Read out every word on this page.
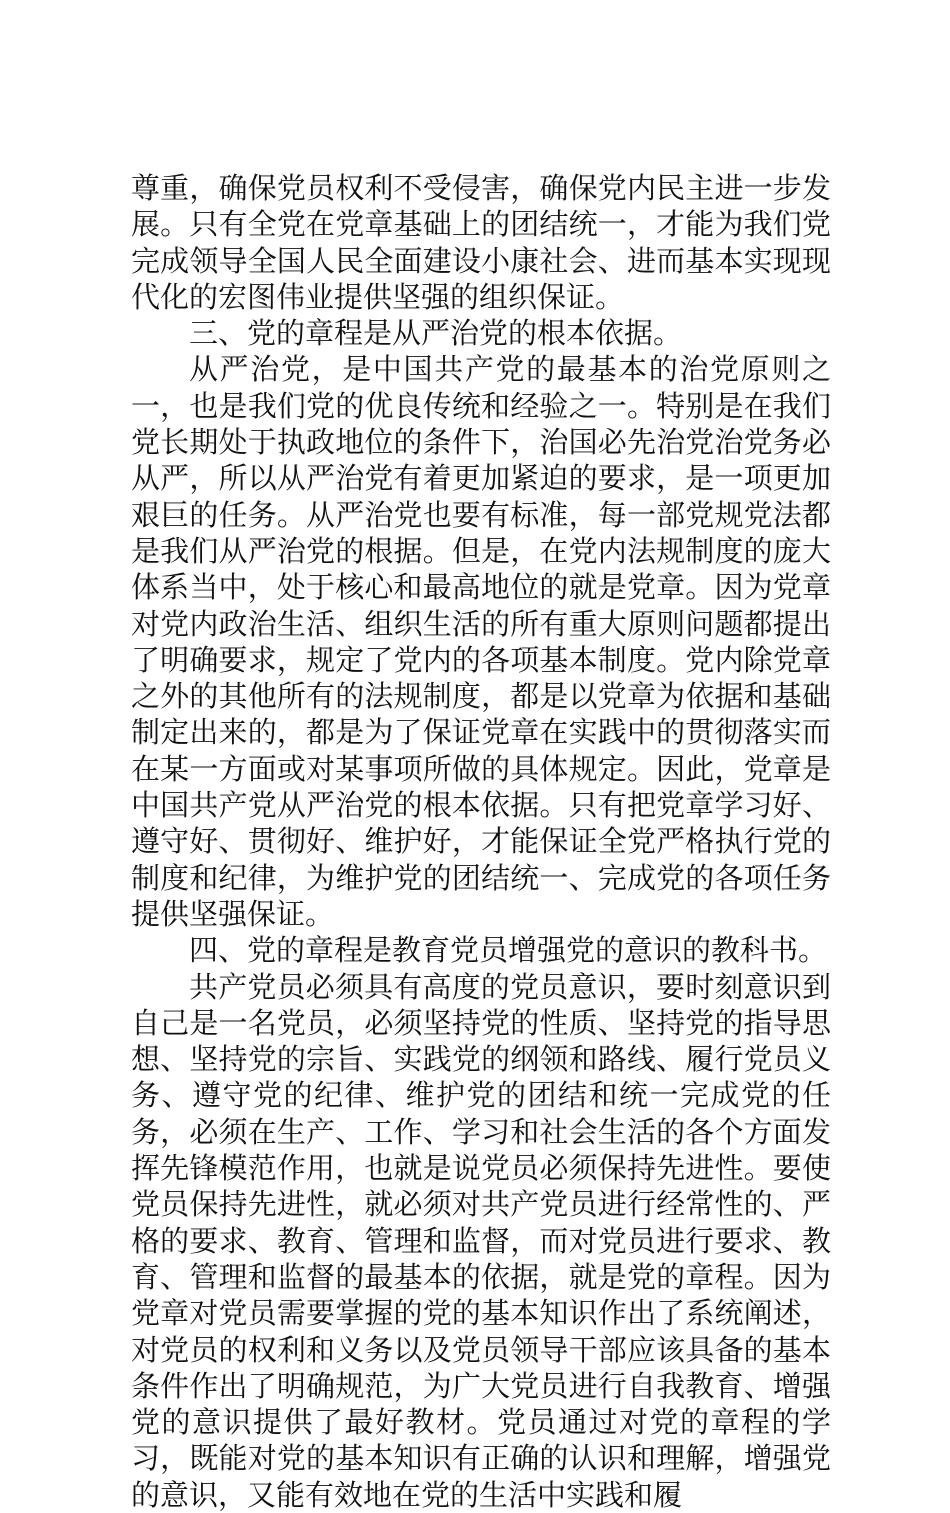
尊重，确保党员权利不受侵害，确保党内民主进一步发展。只有全党在党章基础上的团结统一，才能为我们党完成领导全国人民全面建设小康社会、进而基本实现现代化的宏图伟业提供坚强的组织保证。

三、党的章程是从严治党的根本依据。

从严治党，是中国共产党的最基本的治党原则之一，也是我们党的优良传统和经验之一。特别是在我们党长期处于执政地位的条件下，治国必先治党治党务必从严，所以从严治党有着更加紧迫的要求，是一项更加艰巨的任务。从严治党也要有标准，每一部党规党法都是我们从严治党的根据。但是，在党内法规制度的庞大体系当中，处于核心和最高地位的就是党章。因为党章对党内政治生活、组织生活的所有重大原则问题都提出了明确要求，规定了党内的各项基本制度。党内除党章之外的其他所有的法规制度，都是以党章为依据和基础制定出来的，都是为了保证党章在实践中的贯彻落实而在某一方面或对某事项所做的具体规定。因此，党章是中国共产党从严治党的根本依据。只有把党章学习好、遵守好、贯彻好、维护好，才能保证全党严格执行党的制度和纪律，为维护党的团结统一、完成党的各项任务提供坚强保证。

四、党的章程是教育党员增强党的意识的教科书。

共产党员必须具有高度的党员意识，要时刻意识到自己是一名党员，必须坚持党的性质、坚持党的指导思想、坚持党的宗旨、实践党的纲领和路线、履行党员义务、遵守党的纪律、维护党的团结和统一完成党的任务，必须在生产、工作、学习和社会生活的各个方面发挥先锋模范作用，也就是说党员必须保持先进性。要使党员保持先进性，就必须对共产党员进行经常性的、严格的要求、教育、管理和监督，而对党员进行要求、教育、管理和监督的最基本的依据，就是党的章程。因为党章对党员需要掌握的党的基本知识作出了系统阐述，对党员的权利和义务以及党员领导干部应该具备的基本条件作出了明确规范，为广大党员进行自我教育、增强党的意识提供了最好教材。党员通过对党的章程的学习，既能对党的基本知识有正确的认识和理解，增强党的意识，又能有效地在党的生活中实践和履
